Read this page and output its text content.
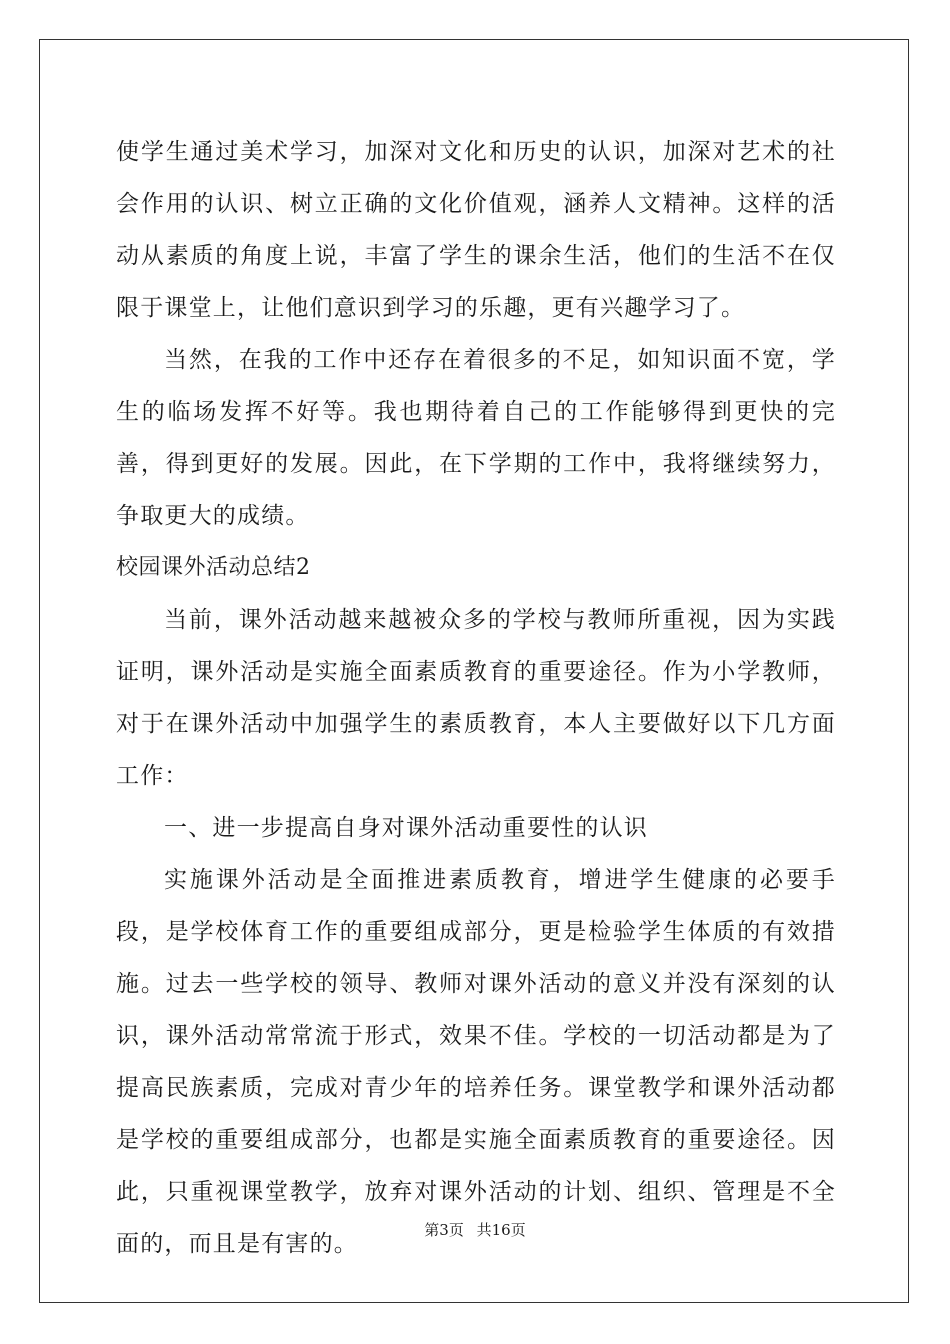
使学生通过美术学习，加深对文化和历史的认识，加深对艺术的社会作用的认识、树立正确的文化价值观，涵养人文精神。这样的活动从素质的角度上说，丰富了学生的课余生活，他们的生活不在仅限于课堂上，让他们意识到学习的乐趣，更有兴趣学习了。

当然，在我的工作中还存在着很多的不足，如知识面不宽，学生的临场发挥不好等。我也期待着自己的工作能够得到更快的完善，得到更好的发展。因此，在下学期的工作中，我将继续努力，争取更大的成绩。

校园课外活动总结2

当前，课外活动越来越被众多的学校与教师所重视，因为实践证明，课外活动是实施全面素质教育的重要途径。作为小学教师，对于在课外活动中加强学生的素质教育，本人主要做好以下几方面工作：

一、进一步提高自身对课外活动重要性的认识

实施课外活动是全面推进素质教育，增进学生健康的必要手段，是学校体育工作的重要组成部分，更是检验学生体质的有效措施。过去一些学校的领导、教师对课外活动的意义并没有深刻的认识，课外活动常常流于形式，效果不佳。学校的一切活动都是为了提高民族素质，完成对青少年的培养任务。课堂教学和课外活动都是学校的重要组成部分，也都是实施全面素质教育的重要途径。因此，只重视课堂教学，放弃对课外活动的计划、组织、管理是不全面的，而且是有害的。

第3页 共16页
